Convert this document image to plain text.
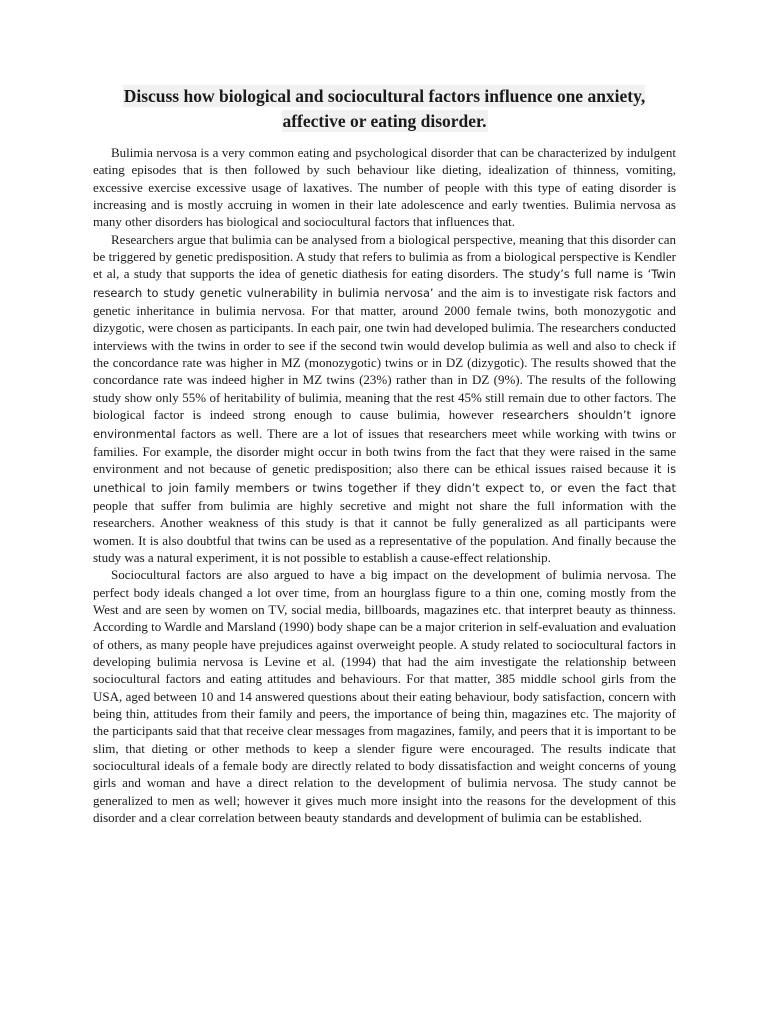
Discuss how biological and sociocultural factors influence one anxiety, affective or eating disorder.

Bulimia nervosa is a very common eating and psychological disorder that can be characterized by indulgent eating episodes that is then followed by such behaviour like dieting, idealization of thinness, vomiting, excessive exercise excessive usage of laxatives. The number of people with this type of eating disorder is increasing and is mostly accruing in women in their late adolescence and early twenties. Bulimia nervosa as many other disorders has biological and sociocultural factors that influences that.

Researchers argue that bulimia can be analysed from a biological perspective, meaning that this disorder can be triggered by genetic predisposition. A study that refers to bulimia as from a biological perspective is Kendler et al, a study that supports the idea of genetic diathesis for eating disorders. The study’s full name is ‘Twin research to study genetic vulnerability in bulimia nervosa’ and the aim is to investigate risk factors and genetic inheritance in bulimia nervosa. For that matter, around 2000 female twins, both monozygotic and dizygotic, were chosen as participants. In each pair, one twin had developed bulimia. The researchers conducted interviews with the twins in order to see if the second twin would develop bulimia as well and also to check if the concordance rate was higher in MZ (monozygotic) twins or in DZ (dizygotic). The results showed that the concordance rate was indeed higher in MZ twins (23%) rather than in DZ (9%). The results of the following study show only 55% of heritability of bulimia, meaning that the rest 45% still remain due to other factors. The biological factor is indeed strong enough to cause bulimia, however researchers shouldn’t ignore environmental factors as well. There are a lot of issues that researchers meet while working with twins or families. For example, the disorder might occur in both twins from the fact that they were raised in the same environment and not because of genetic predisposition; also there can be ethical issues raised because it is unethical to join family members or twins together if they didn’t expect to, or even the fact that people that suffer from bulimia are highly secretive and might not share the full information with the researchers. Another weakness of this study is that it cannot be fully generalized as all participants were women. It is also doubtful that twins can be used as a representative of the population. And finally because the study was a natural experiment, it is not possible to establish a cause-effect relationship.

Sociocultural factors are also argued to have a big impact on the development of bulimia nervosa. The perfect body ideals changed a lot over time, from an hourglass figure to a thin one, coming mostly from the West and are seen by women on TV, social media, billboards, magazines etc. that interpret beauty as thinness. According to Wardle and Marsland (1990) body shape can be a major criterion in self-evaluation and evaluation of others, as many people have prejudices against overweight people. A study related to sociocultural factors in developing bulimia nervosa is Levine et al. (1994) that had the aim investigate the relationship between sociocultural factors and eating attitudes and behaviours. For that matter, 385 middle school girls from the USA, aged between 10 and 14 answered questions about their eating behaviour, body satisfaction, concern with being thin, attitudes from their family and peers, the importance of being thin, magazines etc. The majority of the participants said that that receive clear messages from magazines, family, and peers that it is important to be slim, that dieting or other methods to keep a slender figure were encouraged. The results indicate that sociocultural ideals of a female body are directly related to body dissatisfaction and weight concerns of young girls and woman and have a direct relation to the development of bulimia nervosa. The study cannot be generalized to men as well; however it gives much more insight into the reasons for the development of this disorder and a clear correlation between beauty standards and development of bulimia can be established.
